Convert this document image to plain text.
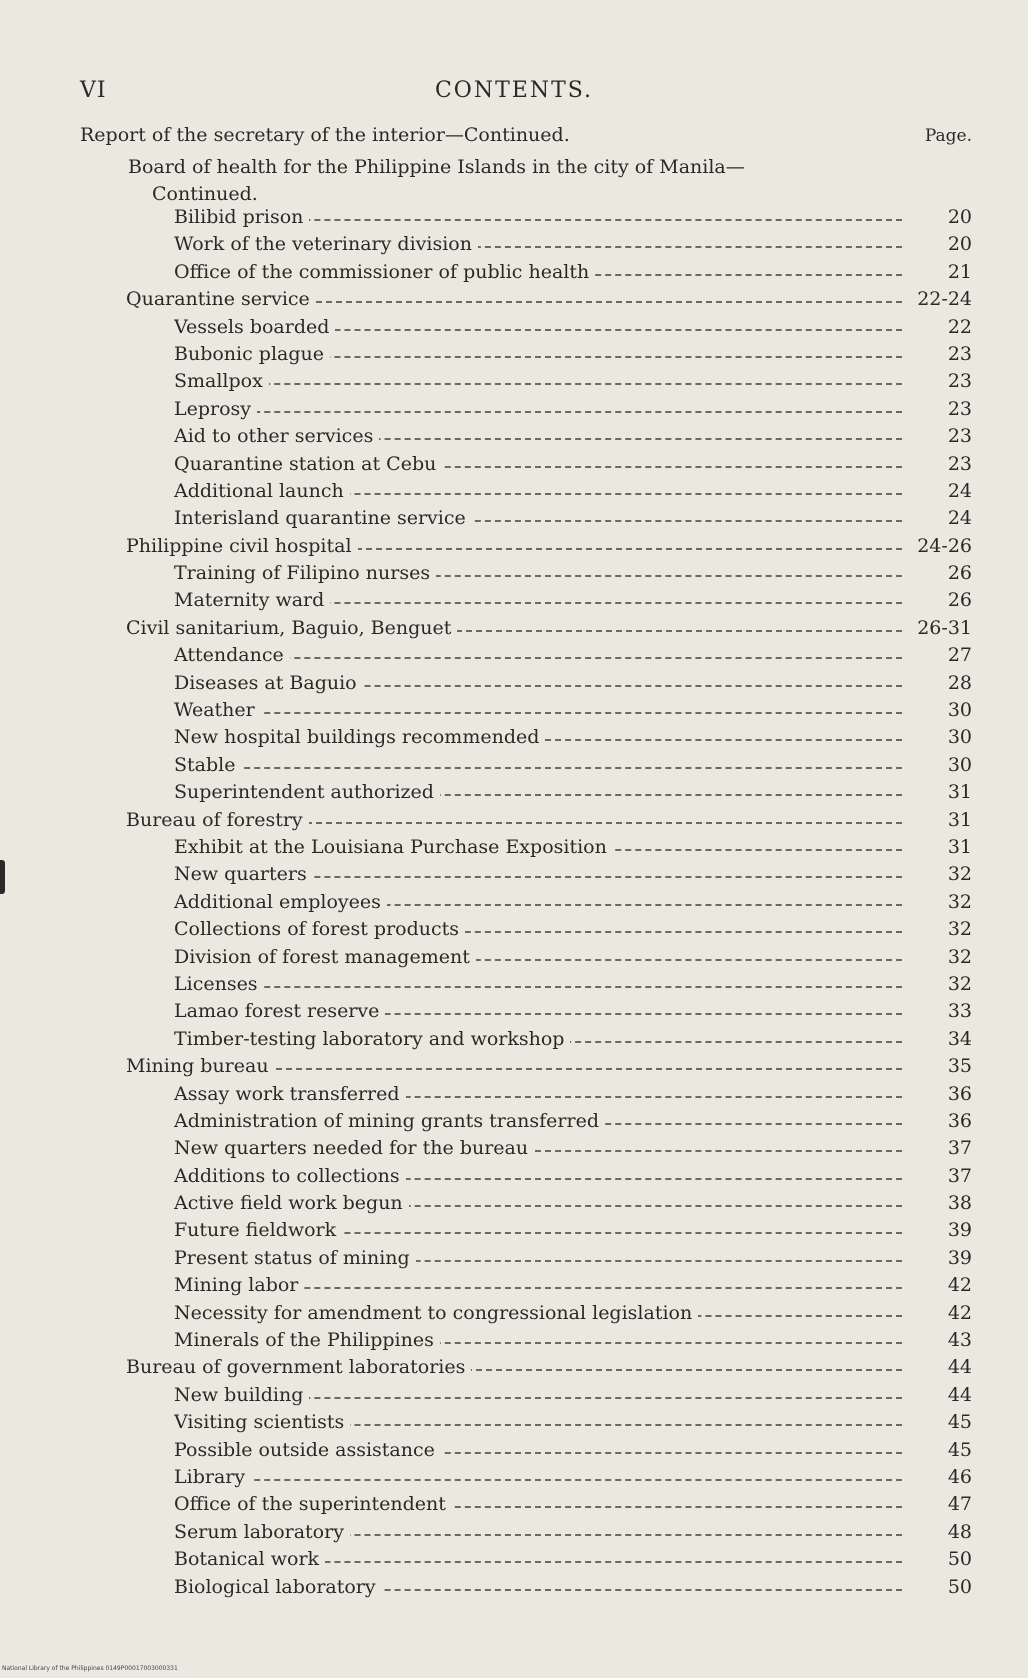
VI	CONTENTS.
Report of the secretary of the interior—Continued.	Page.
Board of health for the Philippine Islands in the city of Manila—
Continued.
Bilibid prison	20
Work of the veterinary division	20
Office of the commissioner of public health	21
Quarantine service	22-24
Vessels boarded	22
Bubonic plague	23
Smallpox	23
Leprosy	23
Aid to other services	23
Quarantine station at Cebu	23
Additional launch	24
Interisland quarantine service	24
Philippine civil hospital	24-26
Training of Filipino nurses	26
Maternity ward	26
Civil sanitarium, Baguio, Benguet	26-31
Attendance	27
Diseases at Baguio	28
Weather	30
New hospital buildings recommended	30
Stable	30
Superintendent authorized	31
Bureau of forestry	31
Exhibit at the Louisiana Purchase Exposition	31
New quarters	32
Additional employees	32
Collections of forest products	32
Division of forest management	32
Licenses	32
Lamao forest reserve	33
Timber-testing laboratory and workshop	34
Mining bureau	35
Assay work transferred	36
Administration of mining grants transferred	36
New quarters needed for the bureau	37
Additions to collections	37
Active field work begun	38
Future fieldwork	39
Present status of mining	39
Mining labor	42
Necessity for amendment to congressional legislation	42
Minerals of the Philippines	43
Bureau of government laboratories	44
New building	44
Visiting scientists	45
Possible outside assistance	45
Library	46
Office of the superintendent	47
Serum laboratory	48
Botanical work	50
Biological laboratory	50
National Library of the Philippines 0149P00017003000331
